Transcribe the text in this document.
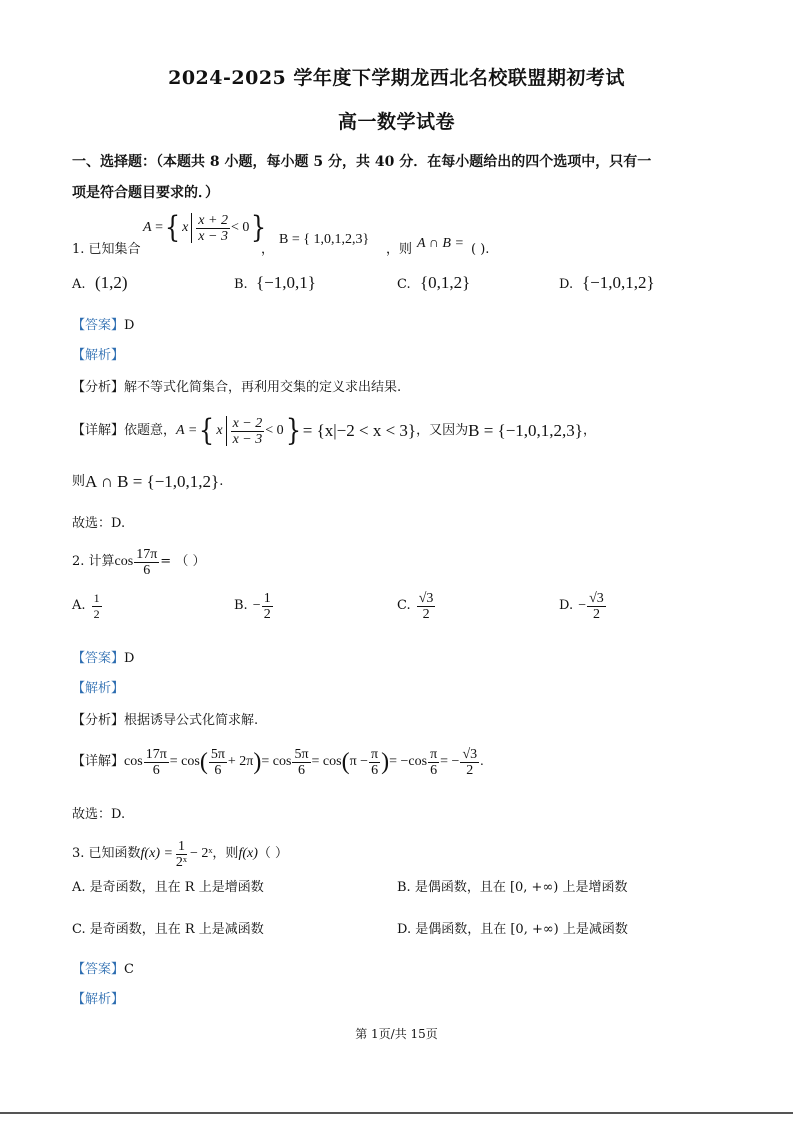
2024-2025 学年度下学期龙西北名校联盟期初考试
高一数学试卷
一、选择题：（本题共 8 小题，每小题 5 分，共 40 分．在每小题给出的四个选项中，只有一
项是符合题目要求的．）
1. 已知集合
A
= { x $\frac{x + 2}{x - 3} < 0$ }
，
B = { 1,0,1,2,3}
，则 A ∩ B = ( ).
A. (1,2)	B. {−1,0,1}	C. {0,1,2}	D. {−1,0,1,2}
【答案】D
【解析】
【分析】解不等式化简集合，再利用交集的定义求出结果.
【详解】 依题意， A = { x $\frac{x - 2}{x - 3} < 0$ } = {x|−2 < x < 3} ，又因为 B = {−1,0,1,2,3} ，
则 A ∩ B = {−1,0,1,2} .
故选：D.
2. 计算 $\cos \frac{17\pi}{6}$ = （ ）
A.
$\frac{1}{2}$	B.
− $\frac{1}{2}$	C.
$\frac{√3}{2}$	D.
− $\frac{√3}{2}$
【答案】D
【解析】
【分析】根据诱导公式化简求解.
【详解】 $\cos \frac{17\pi}{6} = \cos$ ( $\frac{5\pi}{6} + 2\pi$ ) = $\cos \frac{5\pi}{6} = \cos$ ( $\pi - \frac{\pi}{6}$ ) = $-\cos \frac{\pi}{6}$ = − $\frac{√3}{2}$ .
故选：D.
3. 已知函数 $f(x) = \frac{1}{\text{2ˣ}}$ − 2ˣ ，则 f(x) （ ）
A. 是奇函数，且在 R 上是增函数	B. 是偶函数，且在 [0, +∞) 上是增函数
C. 是奇函数，且在 R 上是减函数	D. 是偶函数，且在 [0, +∞) 上是减函数
【答案】C
【解析】
第 1页/共 15页
